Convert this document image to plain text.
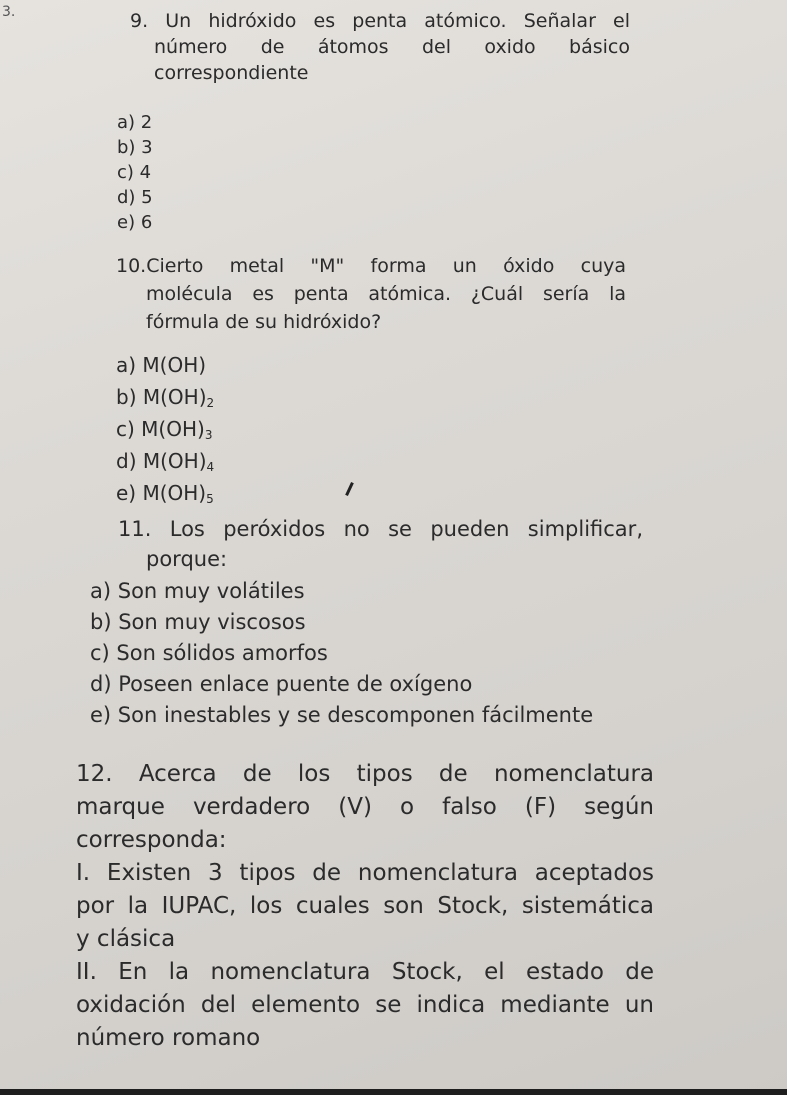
3.	9. Un hidróxido es penta atómico. Señalar el

número de átomos del oxido básico

correspondiente

a) 2
b) 3
c) 4
d) 5
e) 6

10.Cierto metal "M" forma un óxido cuya

molécula es penta atómica. ¿Cuál sería la

fórmula de su hidróxido?

a) M(OH)
b) $M(OH)_2$
c) $M(OH)_3$
d) $M(OH)_4$
e) $M(OH)_5$

11. Los peróxidos no se pueden simplificar,

porque:

a) Son muy volátiles
b) Son muy viscosos
c) Son sólidos amorfos
d) Poseen enlace puente de oxígeno
e) Son inestables y se descomponen fácilmente

12. Acerca de los tipos de nomenclatura

marque verdadero (V) o falso (F) según

corresponda:

I. Existen 3 tipos de nomenclatura aceptados

por la IUPAC, los cuales son Stock, sistemática

y clásica

II. En la nomenclatura Stock, el estado de

oxidación del elemento se indica mediante un

número romano
